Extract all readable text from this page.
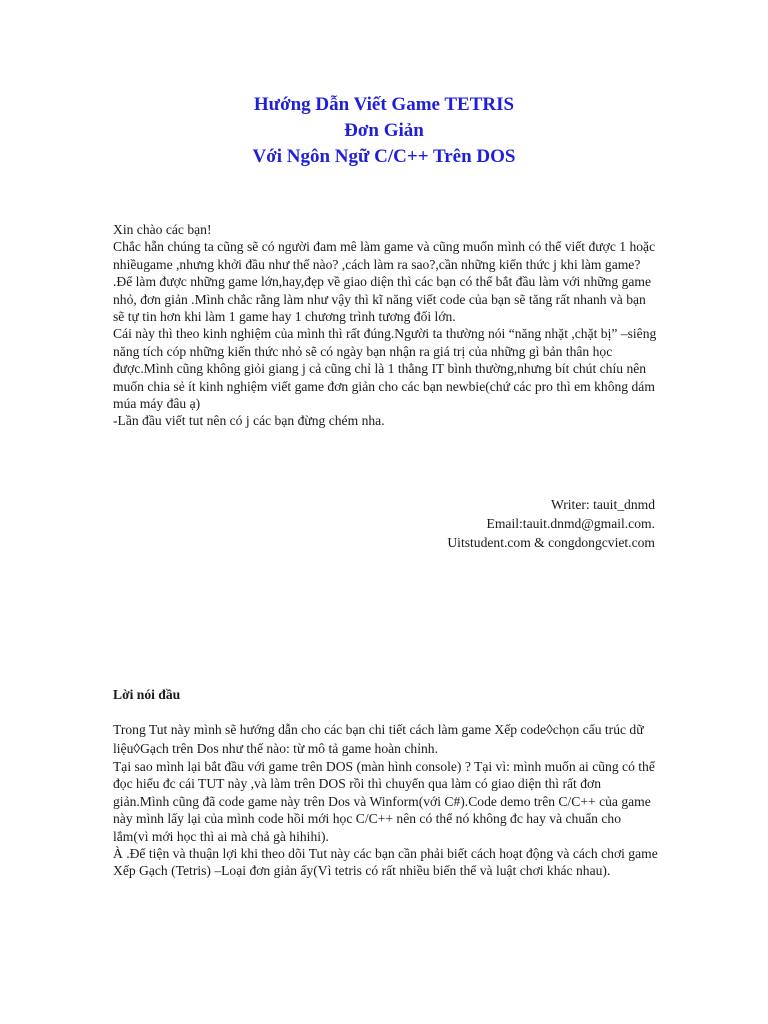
Hướng Dẫn Viết Game TETRIS
Đơn Giản
Với Ngôn Ngữ C/C++ Trên DOS

Xin chào các bạn!

Chắc hẵn chúng ta cũng sẽ có người đam mê làm game và cũng muốn mình có thể viết được 1 hoặc nhiềugame ,nhưng khởi đầu như thế nào? ,cách làm ra sao?,cần những kiến thức j khi làm game? .Để làm được những game lớn,hay,đẹp về giao diện thì các bạn có thể bắt đầu làm với những game nhỏ, đơn giản .Mình chắc rằng làm như vậy thì kĩ năng viết code của bạn sẽ tăng rất nhanh và bạn sẽ tự tin hơn khi làm 1 game hay 1 chương trình tương đối lớn.

Cái này thì theo kinh nghiệm của mình thì rất đúng.Người ta thường nói “năng nhặt ,chặt bị” –siêng năng tích cóp những kiến thức nhỏ sẽ có ngày bạn nhận ra giá trị của những gì bản thân học được.Mình cũng không giỏi giang j cả cũng chỉ là 1 thằng IT bình thường,nhưng bít chút chíu nên muốn chia sẻ ít kinh nghiệm viết game đơn giản cho các bạn newbie(chứ các pro thì em không dám múa máy đâu ạ)

-Lần đầu viết tut nên có j các bạn đừng chém nha.

Writer: tauit_dnmd
Email:tauit.dnmd@gmail.com.
Uitstudent.com & congdongcviet.com
Lời nói đầu

Trong Tut này mình sẽ hướng dẫn cho các bạn chi tiết cách làm game Xếp code◊chọn cấu trúc dữ liệu◊Gạch trên Dos như thế nào: từ mô tả game hoàn chỉnh.

Tại sao mình lại bắt đầu với game trên DOS (màn hình console) ? Tại vì: mình muốn ai cũng có thể đọc hiểu đc cái TUT này ,và làm trên DOS rồi thì chuyển qua làm có giao diện thì rất đơn giản.Mình cũng đã code game này trên Dos và Winform(với C#).Code demo trên C/C++ của game này mình lấy lại của mình code hồi mới học C/C++ nên có thể nó không đc hay và chuẩn cho lắm(vì mới học thì ai mà chả gà hihihi).

À .Để tiện và thuận lợi khi theo dõi Tut này các bạn cần phải biết cách hoạt động và cách chơi game Xếp Gạch (Tetris) –Loại đơn giản ấy(Vì tetris có rất nhiều biến thể và luật chơi khác nhau).
